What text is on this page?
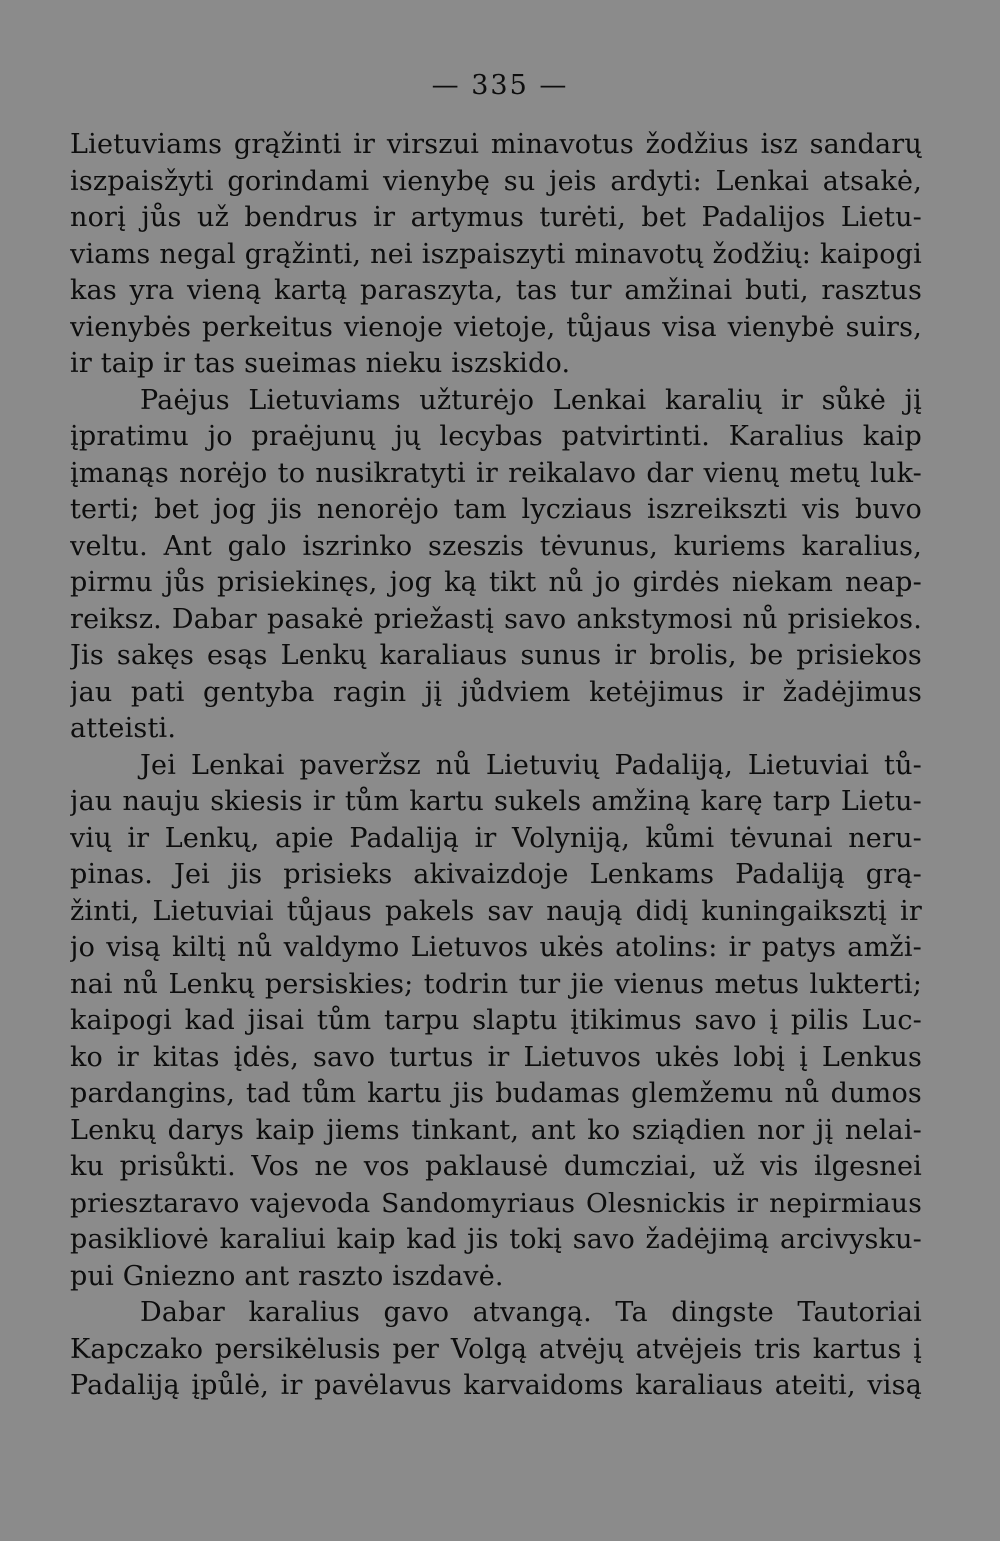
— 335 —
Lietuviams grąžinti ir virszui minavotus žodžius isz sandarų
iszpaisžyti gorindami vienybę su jeis ardyti: Lenkai atsakė,
norį jůs už bendrus ir artymus turėti, bet Padalijos Lietu-
viams negal grąžinti, nei iszpaiszyti minavotų žodžių: kaipogi
kas yra vieną kartą paraszyta, tas tur amžinai buti, rasztus
vienybės perkeitus vienoje vietoje, tůjaus visa vienybė suirs,
ir taip ir tas sueimas nieku iszskido.
Paėjus Lietuviams užturėjo Lenkai karalių ir sůkė jį
įpratimu jo praėjunų jų lecybas patvirtinti. Karalius kaip
įmanąs norėjo to nusikratyti ir reikalavo dar vienų metų luk-
terti; bet jog jis nenorėjo tam lycziaus iszreikszti vis buvo
veltu. Ant galo iszrinko szeszis tėvunus, kuriems karalius,
pirmu jůs prisiekinęs, jog ką tikt nů jo girdės niekam neap-
reiksz. Dabar pasakė priežastį savo ankstymosi nů prisiekos.
Jis sakęs esąs Lenkų karaliaus sunus ir brolis, be prisiekos
jau pati gentyba ragin jį jůdviem ketėjimus ir žadėjimus
atteisti.
Jei Lenkai paveržsz nů Lietuvių Padaliją, Lietuviai tů-
jau nauju skiesis ir tům kartu sukels amžiną karę tarp Lietu-
vių ir Lenkų, apie Padaliją ir Volyniją, kůmi tėvunai neru-
pinas. Jei jis prisieks akivaizdoje Lenkams Padaliją grą-
žinti, Lietuviai tůjaus pakels sav naują didį kuningaiksztį ir
jo visą kiltį nů valdymo Lietuvos ukės atolins: ir patys amži-
nai nů Lenkų persiskies; todrin tur jie vienus metus lukterti;
kaipogi kad jisai tům tarpu slaptu įtikimus savo į pilis Luc-
ko ir kitas įdės, savo turtus ir Lietuvos ukės lobį į Lenkus
pardangins, tad tům kartu jis budamas glemžemu nů dumos
Lenkų darys kaip jiems tinkant, ant ko sziądien nor jį nelai-
ku prisůkti. Vos ne vos paklausė dumcziai, už vis ilgesnei
priesztaravo vajevoda Sandomyriaus Olesnickis ir nepirmiaus
pasikliovė karaliui kaip kad jis tokį savo žadėjimą arcivysku-
pui Gniezno ant raszto iszdavė.
Dabar karalius gavo atvangą. Ta dingste Tautoriai
Kapczako persikėlusis per Volgą atvėjų atvėjeis tris kartus į
Padaliją įpůlė, ir pavėlavus karvaidoms karaliaus ateiti, visą
